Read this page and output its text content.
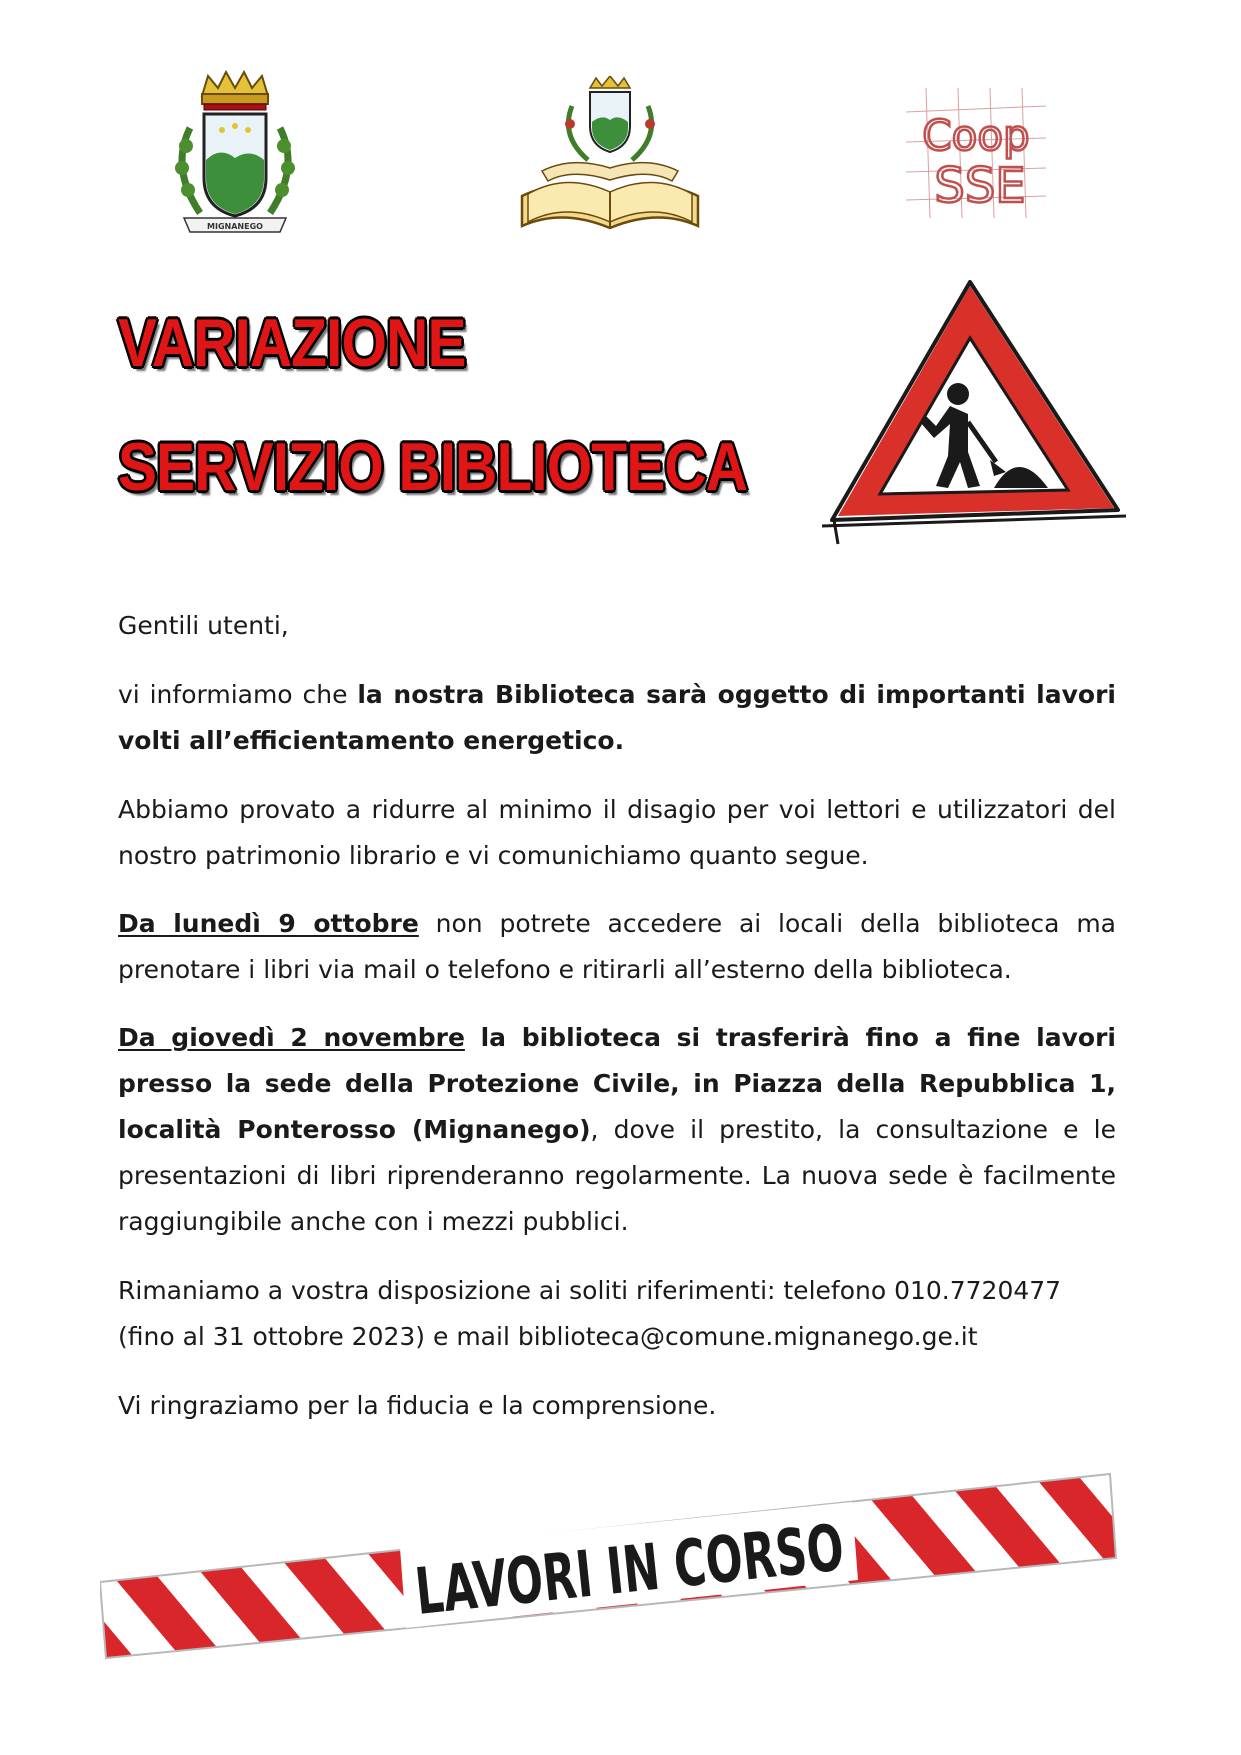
MIGNANEGO
Coop
SSE
VARIAZIONE
SERVIZIO BIBLIOTECA

Gentili utenti,

vi informiamo che la nostra Biblioteca sarà oggetto di importanti lavori volti all’efficientamento energetico.

Abbiamo provato a ridurre al minimo il disagio per voi lettori e utilizzatori del nostro patrimonio librario e vi comunichiamo quanto segue.

Da lunedì 9 ottobre non potrete accedere ai locali della biblioteca ma prenotare i libri via mail o telefono e ritirarli all’esterno della biblioteca.

Da giovedì 2 novembre la biblioteca si trasferirà fino a fine lavori presso la sede della Protezione Civile, in Piazza della Repubblica 1, località Ponterosso (Mignanego), dove il prestito, la consultazione e le presentazioni di libri riprenderanno regolarmente. La nuova sede è facilmente raggiungibile anche con i mezzi pubblici.

Rimaniamo a vostra disposizione ai soliti riferimenti: telefono 010.7720477 (fino al 31 ottobre 2023) e mail biblioteca@comune.mignanego.ge.it

Vi ringraziamo per la fiducia e la comprensione.

LAVORI IN CORSO
